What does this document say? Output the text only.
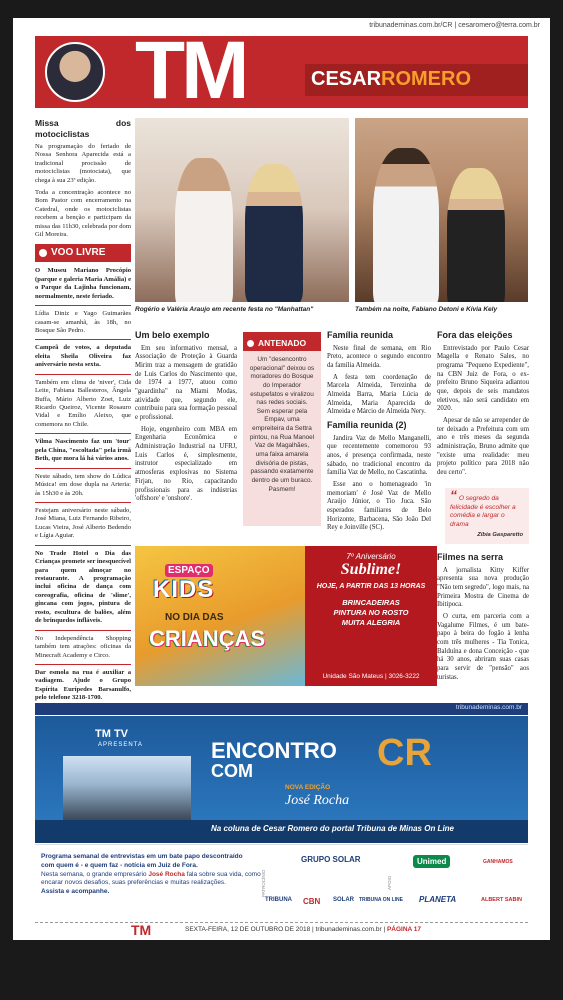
tribunademinas.com.br/CR | cesaromero@terra.com.br
TM	CESARROMERO
Missa dos motociclistas

Na programação do feriado de Nossa Senhora Aparecida está a tradicional procissão de motociclistas (motociata), que chega à sua 23ª edição.

Toda a concentração acontece no Bom Pastor com encerramento na Catedral, onde os motociclistas recebem a benção e participam da missa das 11h30, celebrada por dom Gil Moreira.

VOO LIVRE

O Museu Mariano Procópio (parque e galeria Maria Amália) e o Parque da Lajinha funcionam, normalmente, neste feriado.

Lídia Diniz e Yago Guimarães casam-se amanhã, às 18h, no Bosque São Pedro.

Campeã de votos, a deputada eleita Sheila Oliveira faz aniversário nesta sexta.

Também em clima de 'niver', Cida Leite, Fabiana Ballesteros, Ângela Buffa, Mário Alberto Zoet, Luiz Ricardo Queiroz, Vicente Rosauro Vidal e Emílio Aleixo, que comemora no Chile.

Vilma Nascimento faz um 'tour' pela China, "escoltada" pela irmã Beth, que mora lá há vários anos.

Neste sábado, tem show do Lúdica Música! em dose dupla na Arteria: às 15h30 e às 20h.

Festejam aniversário neste sábado, José Miana, Luiz Fernando Ribeiro, Lucas Vieira, José Alberto Bedendo e Lígia Aguiar.

No Trade Hotel o Dia das Crianças promete ser inesquecível para quem almoçar no restaurante. A programação inclui oficina de dança com coreografia, oficina de 'slime', gincana com jogos, pintura de rosto, escultura de balões, além de brinquedos infláveis.

No Independência Shopping também tem atrações: oficinas da Minecraft Academy e Circo.

Dar esmola na rua é auxiliar a vadiagem. Ajude o Grupo Espírita Eurípedes Barsanulfo, pelo telefone 3218-1700.

Rogério e Valéria Araujo em recente festa no "Manhattan"	Também na noite, Fabiano Detoni e Kívia Kely
Um belo exemplo

Em seu informativo mensal, a Associação de Proteção à Guarda Mirim traz a mensagem de gratidão de Luis Carlos do Nascimento que, de 1974 a 1977, atuou como "guardinha" na Miami Modas, atividade que, segundo ele, contribuiu para sua formação pessoal e profissional.

Hoje, engenheiro com MBA em Engenharia Econômica e Administração Industrial na UFRJ, Luis Carlos é, simplesmente, instrutor especializado em atmosferas explosivas no Sistema Firjan, no Rio, capacitando profissionais para as indústrias 'offshore' e 'onshore'.

ANTENADO
Um "desencontro operacional" deixou os moradores do Bosque do Imperador estupefatos e viralizou nas redes sociais. Sem esperar pela Empav, uma empreiteira da Settra pintou, na Rua Manoel Vaz de Magalhães, uma faixa amarela divisória de pistas, passando exatamente dentro de um buraco. Pasmem!
Família reunida

Neste final de semana, em Rio Preto, acontece o segundo encontro da família Almeida.

A festa tem coordenação de Marcela Almeida, Terezinha de Almeida Barra, Maria Lúcia de Almeida, Maria Aparecida de Almeida e Márcio de Almeida Nery.

Família reunida (2)

Jandira Vaz de Mello Manganelli, que recentemente comemorou 93 anos, é presença confirmada, neste sábado, no tradicional encontro da família Vaz de Mello, no Cascatinha.

Esse ano o homenageado 'in memoriam' é José Vaz de Mello Araújo Júnior, o Tio Juca. São esperados familiares de Belo Horizonte, Barbacena, São João Del Rey e Joinville (SC).

Fora das eleições

Entrevistado por Paulo Cesar Magella e Renato Sales, no programa "Pequeno Expediente", na CBN Juiz de Fora, o ex-prefeito Bruno Siqueira adiantou que, depois de seis mandatos eletivos, não será candidato em 2020.

Apesar de não se arrepender de ter deixado a Prefeitura com um ano e três meses da segunda administração, Bruno admite que "existe uma realidade: meu projeto político para 2018 não deu certo".

“ O segredo da felicidade é escolher a comédia e largar o drama
Zíbia Gasparetto
Filmes na serra

A jornalista Kitty Kiffer apresenta sua nova produção "Não tem segredo", logo mais, na Primeira Mostra de Cinema de Ibitipoca.

O curta, em parceria com a Vagalume Filmes, é um bate-papo à beira do fogão à lenha com três mulheres - Tia Tonica, Balduína e dona Conceição - que há 30 anos, abriram suas casas para servir de "pensão" aos turistas.

ESPAÇO
KIDS
NO DIA DAS
CRIANÇAS
7º Aniversário
Sublime!
HOJE, A PARTIR DAS 13 HORAS
BRINCADEIRAS
PINTURA NO ROSTO
MUITA ALEGRIA
Unidade São Mateus | 3026-3222
tribunademinas.com.br
TM TV
APRESENTA	ENCONTRO
COM	CR
NOVA EDIÇÃO
José Rocha
Na coluna de Cesar Romero do portal Tribuna de Minas On Line
Programa semanal de entrevistas em um bate papo descontraído
com quem é - e quem faz - notícia em Juiz de Fora.
Nesta semana, o grande empresário José Rocha fala sobre sua vida, como encarar novos desafios, suas preferências e muitas realizações.
Assista e acompanhe.	PATROCÍNIO
GRUPO SOLAR
APOIO
Unimed	GANHAMOS
TRIBUNA CBN SOLAR TRIBUNA ON LINE PLANETA	ALBERT SABIN
TM	SEXTA-FEIRA, 12 DE OUTUBRO DE 2018 | tribunademinas.com.br | PÁGINA 17
